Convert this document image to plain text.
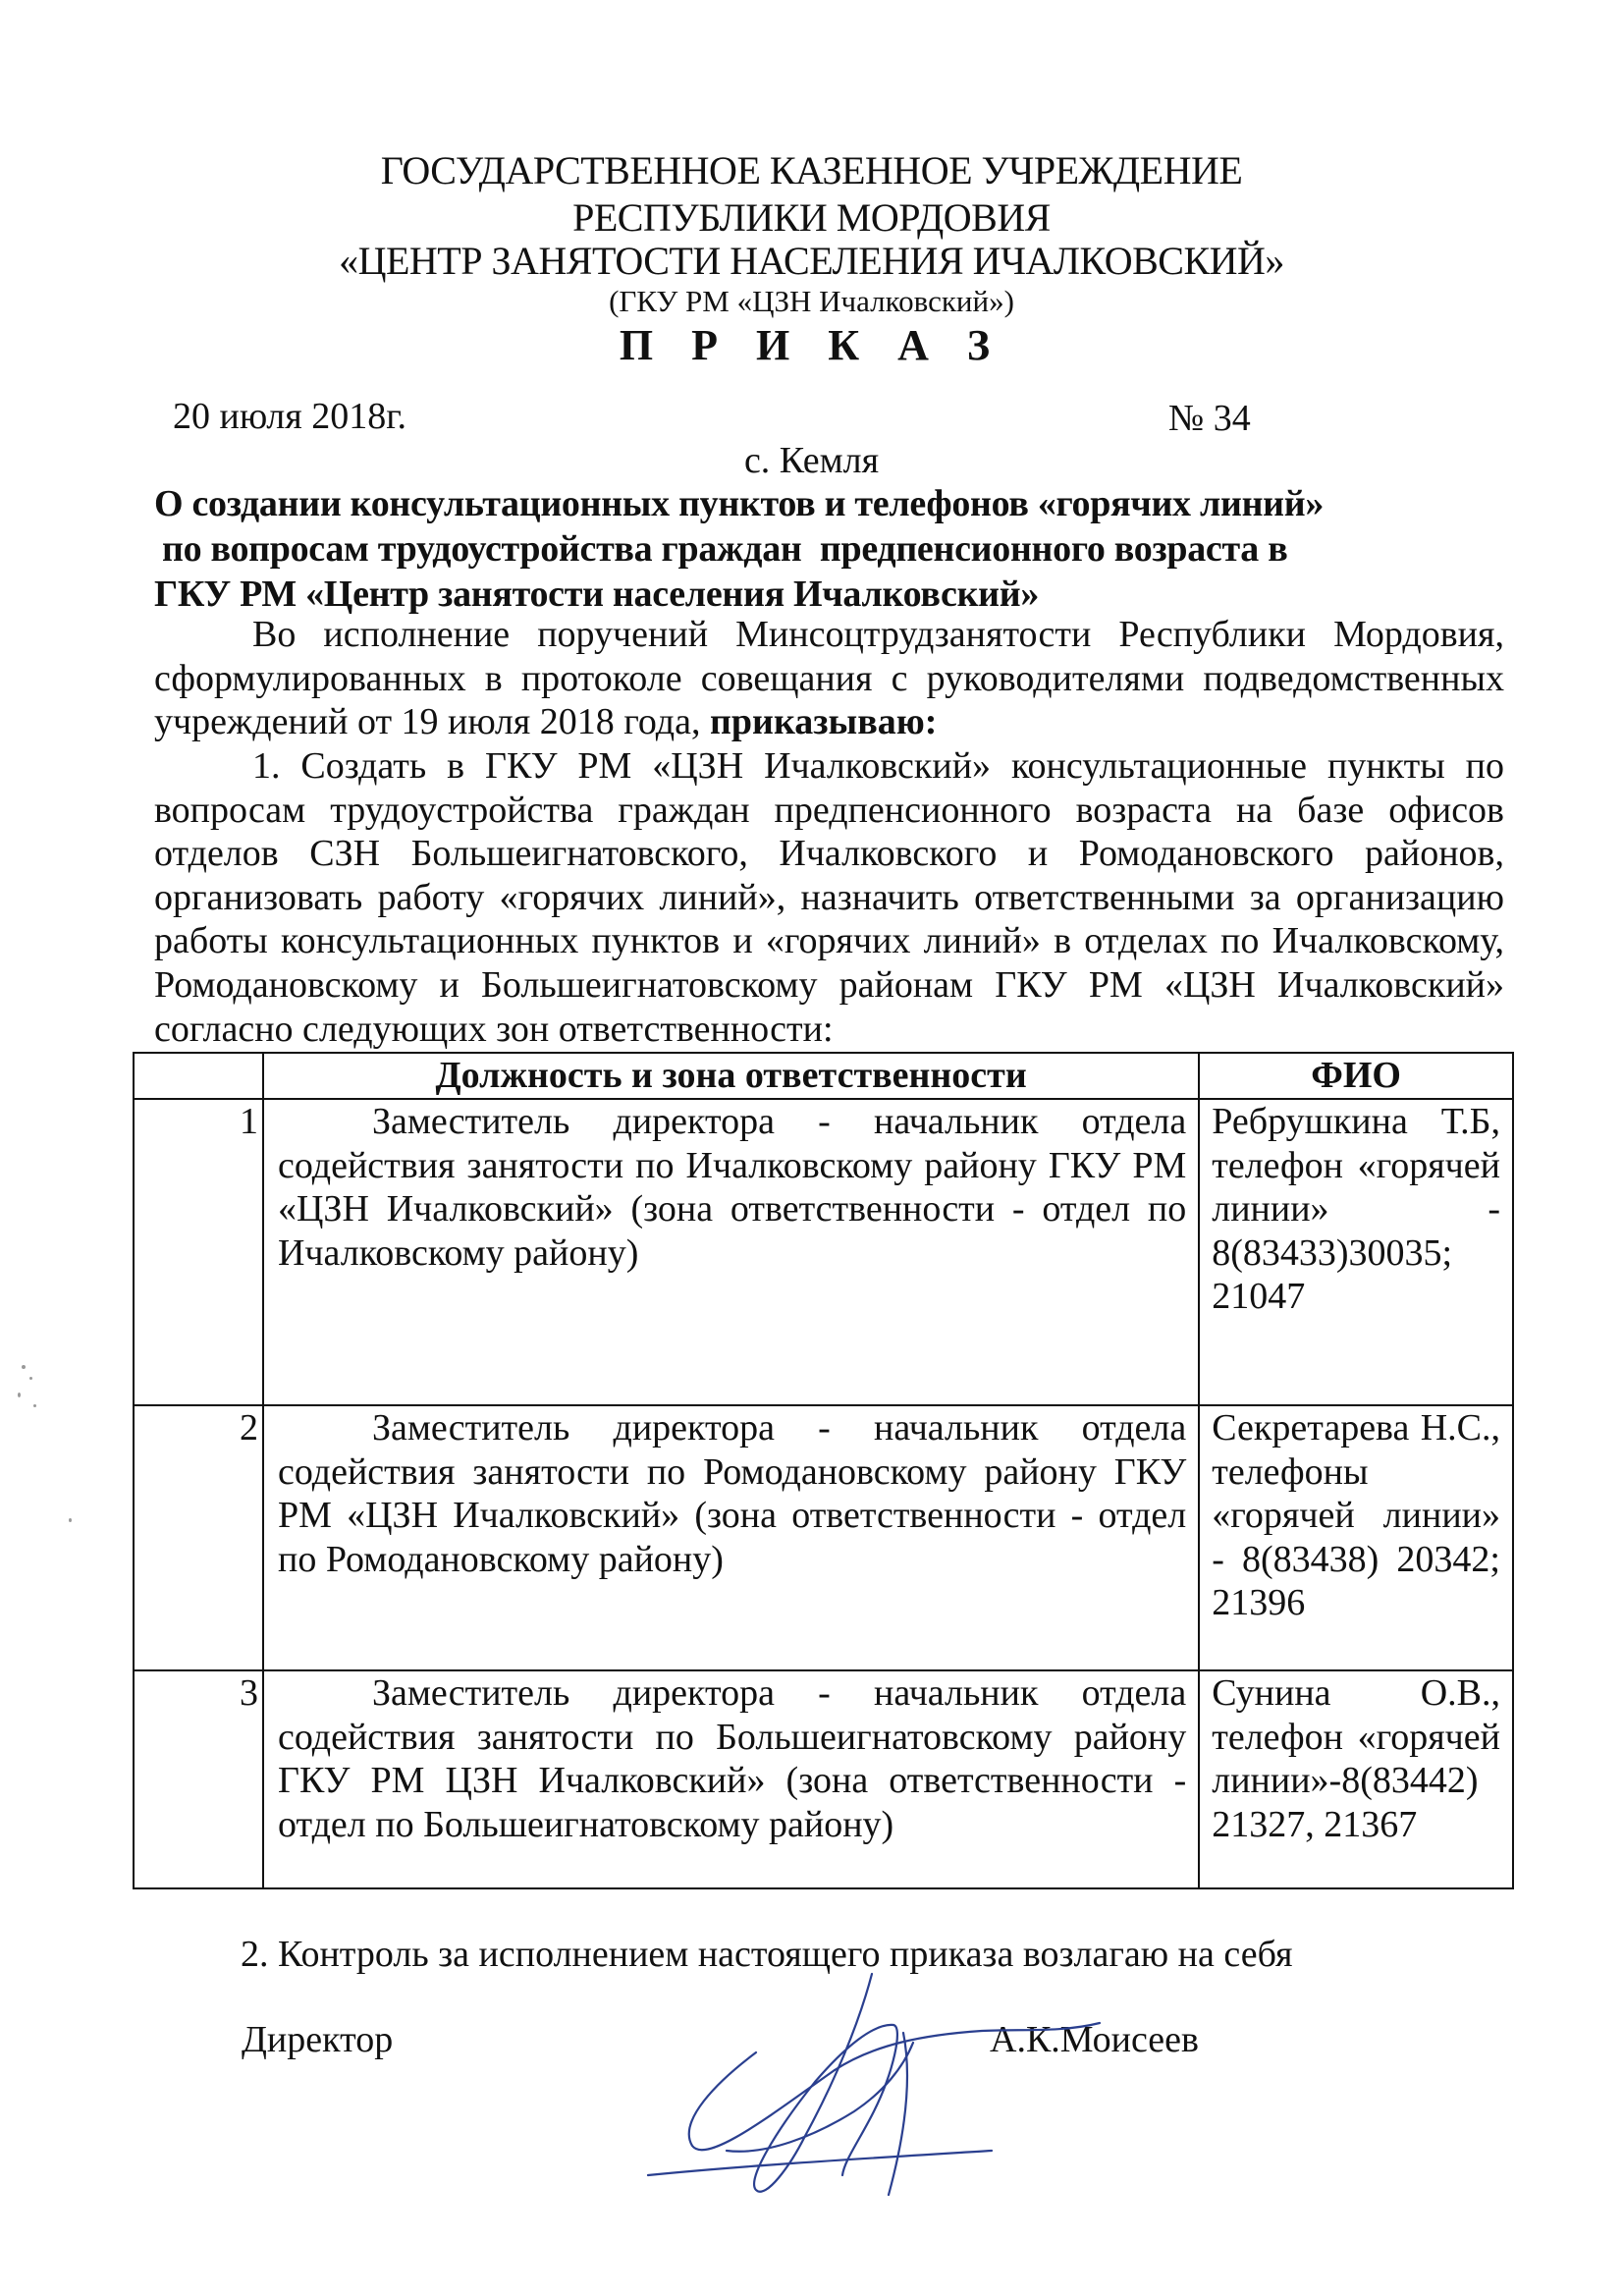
ГОСУДАРСТВЕННОЕ КАЗЕННОЕ УЧРЕЖДЕНИЕ
РЕСПУБЛИКИ МОРДОВИЯ
«ЦЕНТР ЗАНЯТОСТИ НАСЕЛЕНИЯ ИЧАЛКОВСКИЙ»
(ГКУ РМ «ЦЗН Ичалковский»)
П Р И К А З
20 июля 2018г.	№ 34
с. Кемля
О создании консультационных пунктов и телефонов «горячих линий»
по вопросам трудоустройства граждан  предпенсионного возраста в
ГКУ РМ «Центр занятости населения Ичалковский»
Во исполнение поручений Минсоцтрудзанятости Республики Мордовия, сформулированных в протоколе совещания с руководителями подведомственных учреждений от 19 июля 2018 года, приказываю:
1. Создать в ГКУ РМ «ЦЗН Ичалковский» консультационные пункты по вопросам трудоустройства граждан предпенсионного возраста на базе офисов отделов СЗН Большеигнатовского, Ичалковского и Ромодановского районов, организовать работу «горячих линий», назначить ответственными за организацию работы консультационных пунктов и «горячих линий» в отделах по Ичалковскому, Ромодановскому и Большеигнатовскому районам ГКУ РМ «ЦЗН Ичалковский» согласно следующих зон ответственности:
	Должность и зона ответственности	ФИО
1	Заместитель директора - начальник отдела содействия занятости по Ичалковскому району ГКУ РМ «ЦЗН Ичалковский» (зона ответственности - отдел по Ичалковскому району)	Ребрушкина Т.Б, телефон «горячей линии» - 8(83433)30035; 21047
2	Заместитель директора - начальник отдела содействия занятости по Ромодановскому району ГКУ РМ «ЦЗН Ичалковский» (зона ответственности - отдел по Ромодановскому району)	Секретарева Н.С., телефоны «горячей линии» - 8(83438) 20342; 21396
3	Заместитель директора - начальник отдела содействия занятости по Большеигнатовскому району ГКУ РМ ЦЗН Ичалковский» (зона ответственности - отдел по Большеигнатовскому району)	Сунина О.В., телефон «горячей линии»-8(83442) 21327, 21367
2. Контроль за исполнением настоящего приказа возлагаю на себя
Директор	А.К.Моисеев
